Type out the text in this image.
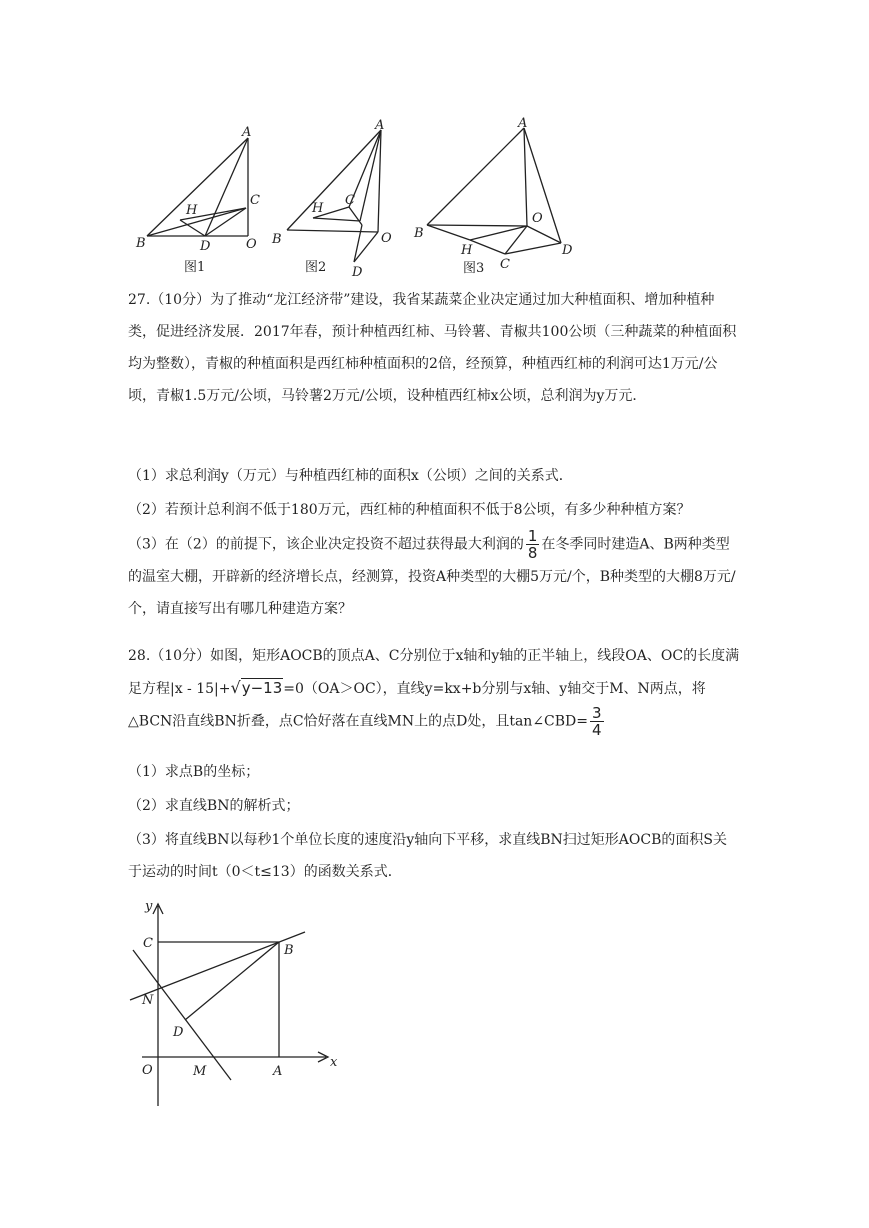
A
C
H
B	D	O
图1
A
H
C
B	O
D
图2
A
O
B
H
C
D
图3

27.（10分）为了推动“龙江经济带”建设，我省某蔬菜企业决定通过加大种植面积、增加种植种类，促进经济发展．2017年春，预计种植西红柿、马铃薯、青椒共100公顷（三种蔬菜的种植面积均为整数），青椒的种植面积是西红柿种植面积的2倍，经预算，种植西红柿的利润可达1万元/公顷，青椒1.5万元/公顷，马铃薯2万元/公顷，设种植西红柿x公顷，总利润为y万元．

（1）求总利润y（万元）与种植西红柿的面积x（公顷）之间的关系式．

（2）若预计总利润不低于180万元，西红柿的种植面积不低于8公顷，有多少种种植方案？

（3）在（2）的前提下，该企业决定投资不超过获得最大利润的 $\frac{1}{8}$ 在冬季同时建造A、B两种类型的温室大棚，开辟新的经济增长点，经测算，投资A种类型的大棚5万元/个，B种类型的大棚8万元/个，请直接写出有哪几种建造方案？

28.（10分）如图，矩形AOCB的顶点A、C分别位于x轴和y轴的正半轴上，线段OA、OC的长度满足方程|x - 15|+√y−13=0（OA＞OC），直线y=kx+b分别与x轴、y轴交于M、N两点，将△BCN沿直线BN折叠，点C恰好落在直线MN上的点D处，且tan∠CBD= $\frac{3}{4}$

（1）求点B的坐标；

（2）求直线BN的解析式；

（3）将直线BN以每秒1个单位长度的速度沿y轴向下平移，求直线BN扫过矩形AOCB的面积S关于运动的时间t（0＜t≤13）的函数关系式．

y
C	B
N
D
O	M	A
x
